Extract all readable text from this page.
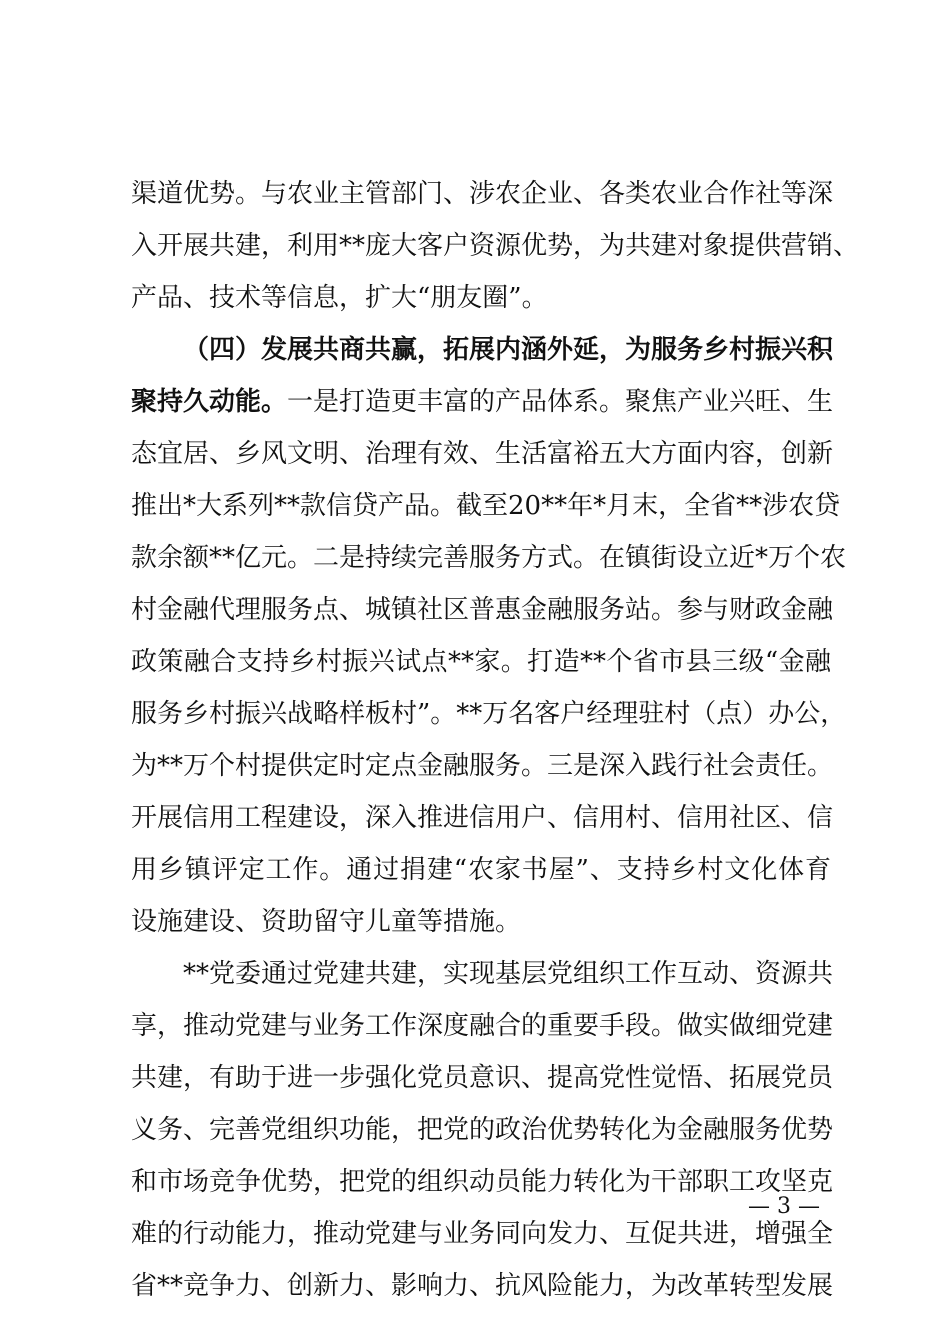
渠道优势。与农业主管部门、涉农企业、各类农业合作社等深
入开展共建，利用**庞大客户资源优势，为共建对象提供营销、
产品、技术等信息，扩大“朋友圈”。
（四）发展共商共赢，拓展内涵外延，为服务乡村振兴积
聚持久动能。一是打造更丰富的产品体系。聚焦产业兴旺、生
态宜居、乡风文明、治理有效、生活富裕五大方面内容，创新
推出*大系列**款信贷产品。截至20**年*月末，全省**涉农贷
款余额**亿元。二是持续完善服务方式。在镇街设立近*万个农
村金融代理服务点、城镇社区普惠金融服务站。参与财政金融
政策融合支持乡村振兴试点**家。打造**个省市县三级“金融
服务乡村振兴战略样板村”。**万名客户经理驻村（点）办公，
为**万个村提供定时定点金融服务。三是深入践行社会责任。
开展信用工程建设，深入推进信用户、信用村、信用社区、信
用乡镇评定工作。通过捐建“农家书屋”、支持乡村文化体育
设施建设、资助留守儿童等措施。
**党委通过党建共建，实现基层党组织工作互动、资源共
享，推动党建与业务工作深度融合的重要手段。做实做细党建
共建，有助于进一步强化党员意识、提高党性觉悟、拓展党员
义务、完善党组织功能，把党的政治优势转化为金融服务优势
和市场竞争优势，把党的组织动员能力转化为干部职工攻坚克
难的行动能力，推动党建与业务同向发力、互促共进，增强全
省**竞争力、创新力、影响力、抗风险能力，为改革转型发展
— 3 —
